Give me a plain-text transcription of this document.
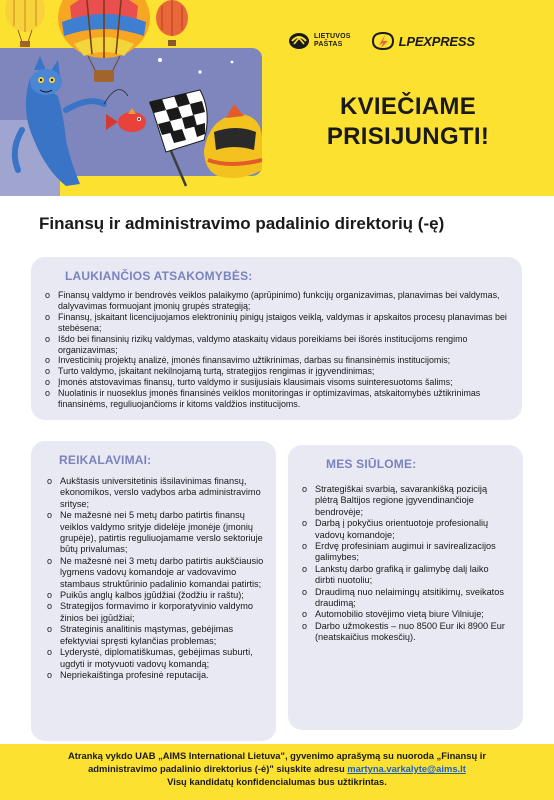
LIETUVOS
PAŠTAS	LPEXPRESS
KVIEČIAME
PRISIJUNGTI!
Finansų ir administravimo padalinio direktorių (-ę)
LAUKIANČIOS ATSAKOMYBĖS:
o Finansų valdymo ir bendrovės veiklos palaikymo (aprūpinimo) funkcijų organizavimas, planavimas bei valdymas, dalyvavimas formuojant įmonių grupės strategiją;
o Finansų, įskaitant licencijuojamos elektroninių pinigų įstaigos veiklą, valdymas ir apskaitos procesų planavimas bei stebėsena;
o Išdo bei finansinių rizikų valdymas, valdymo ataskaitų vidaus poreikiams bei išorės institucijoms rengimo organizavimas;
o Investicinių projektų analizė, įmonės finansavimo užtikrinimas, darbas su finansinėmis institucijomis;
o Turto valdymo, įskaitant nekilnojamą turtą, strategijos rengimas ir įgyvendinimas;
o Įmonės atstovavimas finansų, turto valdymo ir susijusiais klausimais visoms suinteresuotoms šalims;
o Nuolatinis ir nuoseklus įmonės finansinės veiklos monitoringas ir optimizavimas, atskaitomybės užtikrinimas finansinėms, reguliuojančioms ir kitoms valdžios institucijoms.
REIKALAVIMAI:
o Aukštasis universitetinis išsilavinimas finansų, ekonomikos, verslo vadybos arba administravimo srityse;
o Ne mažesnė nei 5 metų darbo patirtis finansų veiklos valdymo srityje didelėje įmonėje (įmonių grupėje), patirtis reguliuojamame verslo sektoriuje būtų privalumas;
o Ne mažesnė nei 3 metų darbo patirtis aukščiausio lygmens vadovų komandoje ar vadovavimo stambaus struktūrinio padalinio komandai patirtis;
o Puikūs anglų kalbos įgūdžiai (žodžiu ir raštu);
o Strategijos formavimo ir korporatyvinio valdymo žinios bei įgūdžiai;
o Strateginis analitinis mąstymas, gebėjimas efektyviai spręsti kylančias problemas;
o Lyderystė, diplomatiškumas, gebėjimas suburti, ugdyti ir motyvuoti vadovų komandą;
o Nepriekaištinga profesinė reputacija.
MES SIŪLOME:
o Strategiškai svarbią, savarankišką poziciją plėtrą Baltijos regione įgyvendinančioje bendrovėje;
o Darbą į pokyčius orientuotoje profesionalių vadovų komandoje;
o Erdvę profesiniam augimui ir savirealizacijos galimybes;
o Lankstų darbo grafiką ir galimybę dalį laiko dirbti nuotoliu;
o Draudimą nuo nelaimingų atsitikimų, sveikatos draudimą;
o Automobilio stovėjimo vietą biure Vilniuje;
o Darbo užmokestis – nuo 8500 Eur iki 8900 Eur (neatskaičius mokesčių).
Atranką vykdo UAB „AIMS International Lietuva", gyvenimo aprašymą su nuoroda „Finansų ir
administravimo padalinio direktorius (-ė)" siųskite adresu martyna.varkalyte@aims.lt
Visų kandidatų konfidencialumas bus užtikrintas.
